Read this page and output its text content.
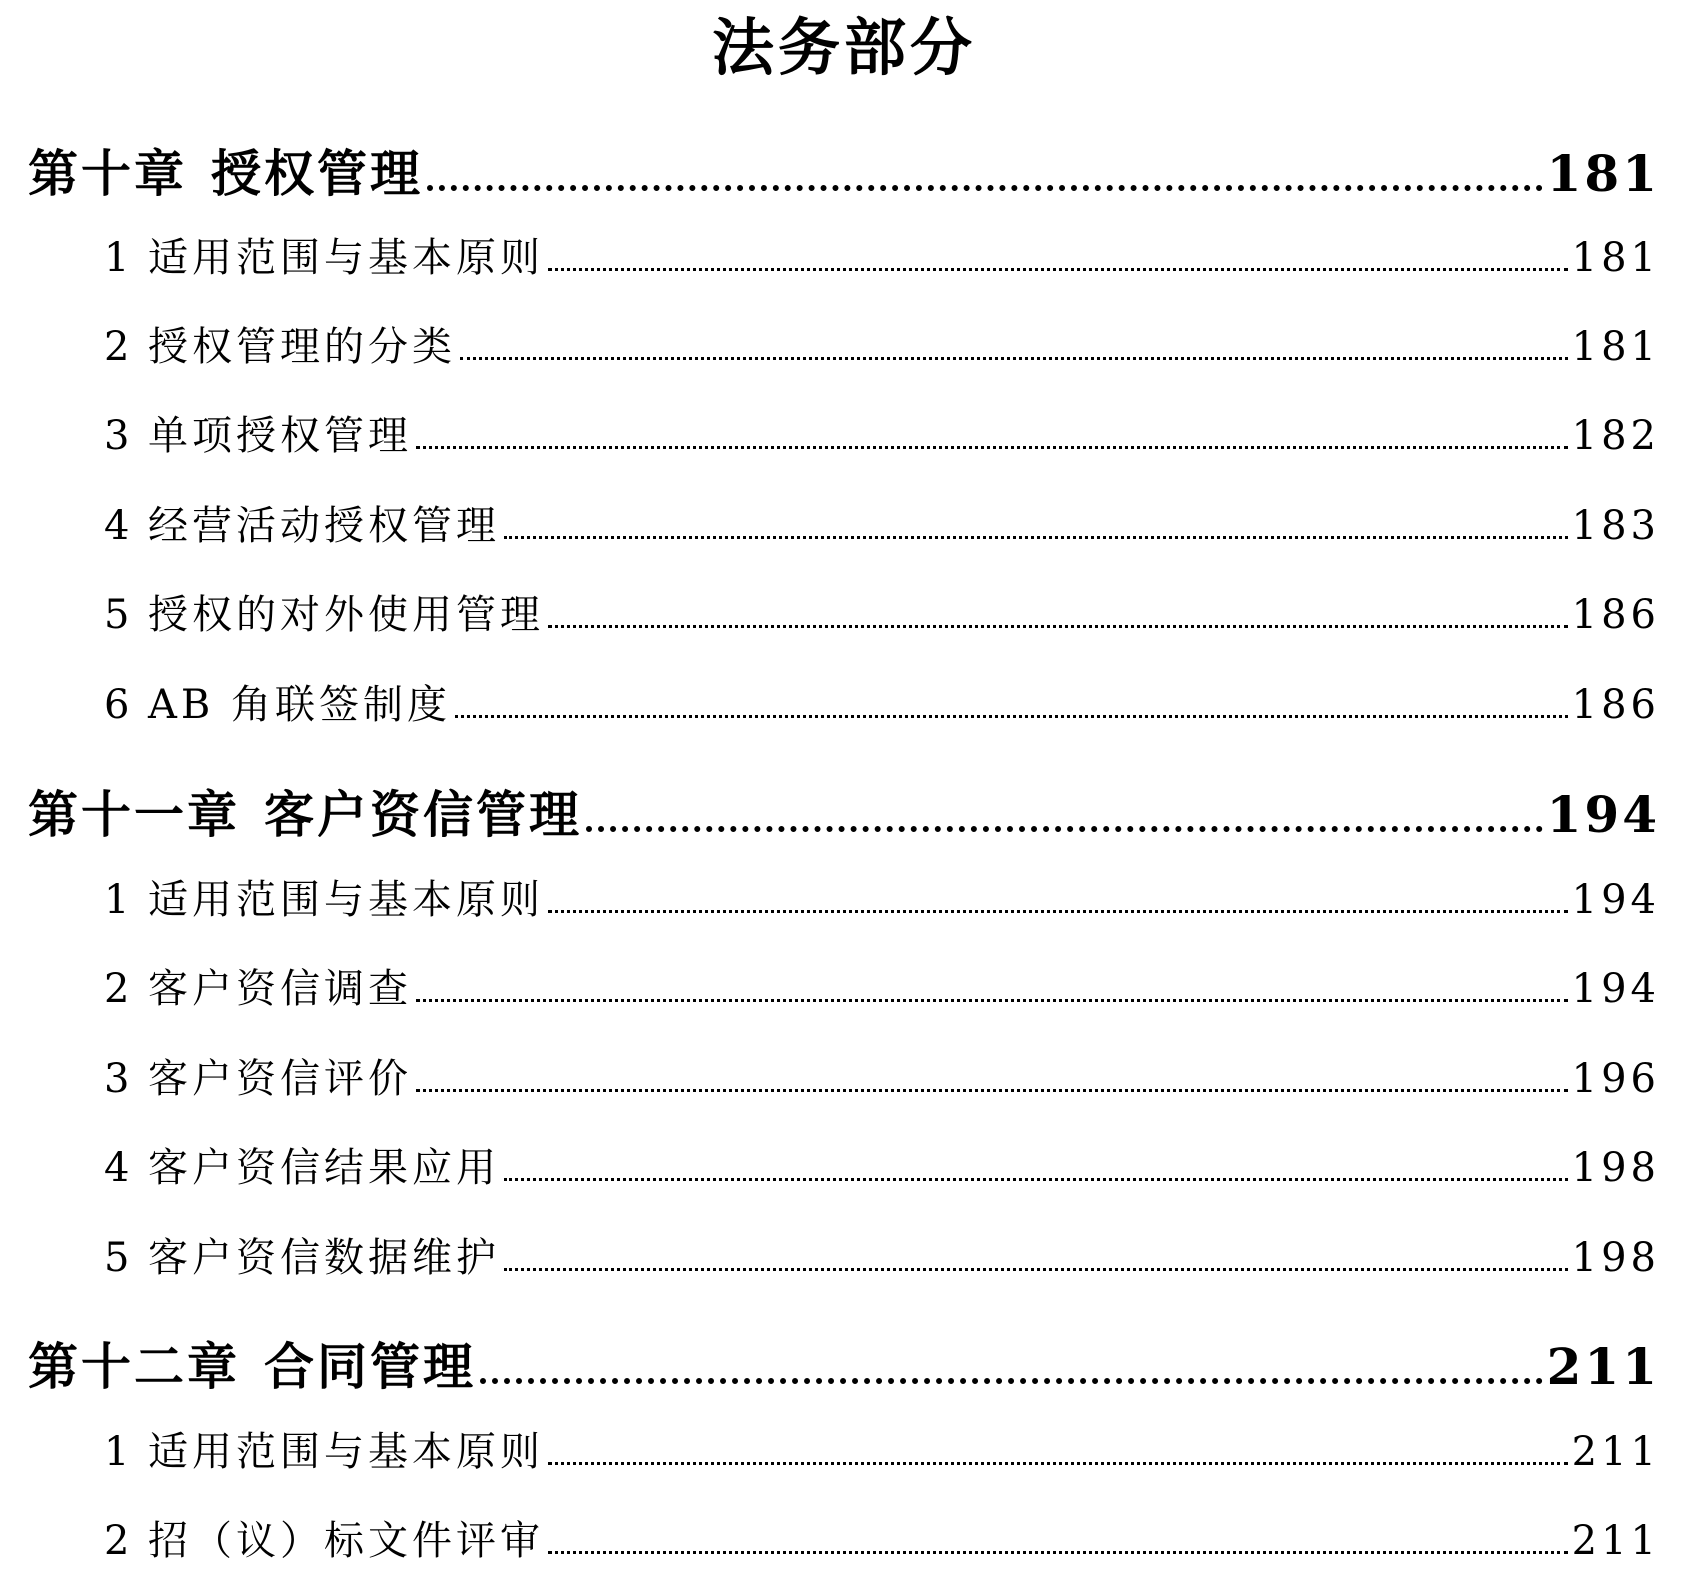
法务部分
第十章 授权管理	181
1 适用范围与基本原则	181
2 授权管理的分类	181
3 单项授权管理	182
4 经营活动授权管理	183
5 授权的对外使用管理	186
6 AB 角联签制度	186
第十一章 客户资信管理	194
1 适用范围与基本原则	194
2 客户资信调查	194
3 客户资信评价	196
4 客户资信结果应用	198
5 客户资信数据维护	198
第十二章 合同管理	211
1 适用范围与基本原则	211
2 招（议）标文件评审	211
